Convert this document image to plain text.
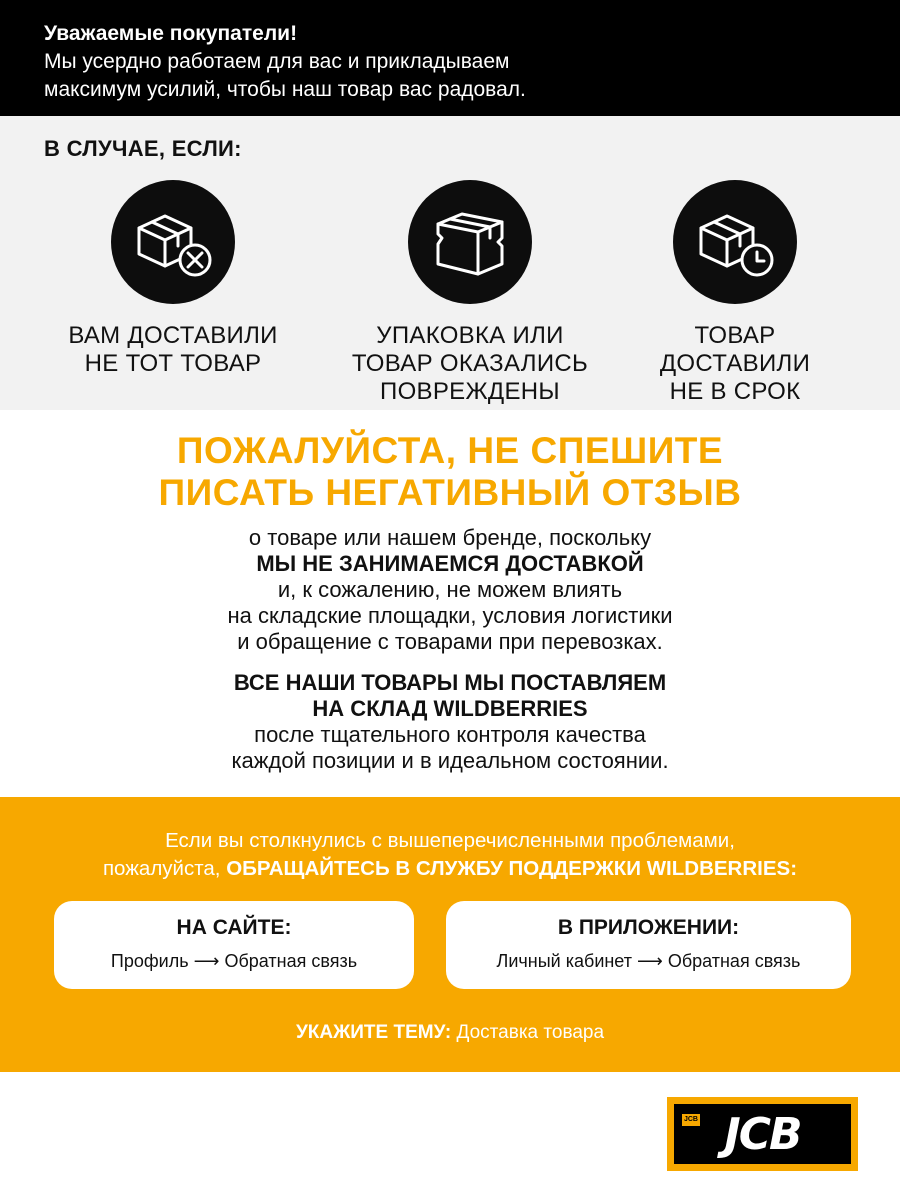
Уважаемые покупатели!
Мы усердно работаем для вас и прикладываем
максимум усилий, чтобы наш товар вас радовал.
В СЛУЧАЕ, ЕСЛИ:
ВАМ ДОСТАВИЛИ
НЕ ТОТ ТОВАР
УПАКОВКА ИЛИ
ТОВАР ОКАЗАЛИСЬ
ПОВРЕЖДЕНЫ
ТОВАР
ДОСТАВИЛИ
НЕ В СРОК
ПОЖАЛУЙСТА, НЕ СПЕШИТЕ
ПИСАТЬ НЕГАТИВНЫЙ ОТЗЫВ
о товаре или нашем бренде, поскольку
МЫ НЕ ЗАНИМАЕМСЯ ДОСТАВКОЙ
и, к сожалению, не можем влиять
на складские площадки, условия логистики
и обращение с товарами при перевозках.
ВСЕ НАШИ ТОВАРЫ МЫ ПОСТАВЛЯЕМ
НА СКЛАД WILDBERRIES
после тщательного контроля качества
каждой позиции и в идеальном состоянии.
Если вы столкнулись с вышеперечисленными проблемами,
пожалуйста, ОБРАЩАЙТЕСЬ В СЛУЖБУ ПОДДЕРЖКИ WILDBERRIES:
НА САЙТЕ:
Профиль ⟶ Обратная связь
В ПРИЛОЖЕНИИ:
Личный кабинет ⟶ Обратная связь
УКАЖИТЕ ТЕМУ: Доставка товара
JCB JCB
